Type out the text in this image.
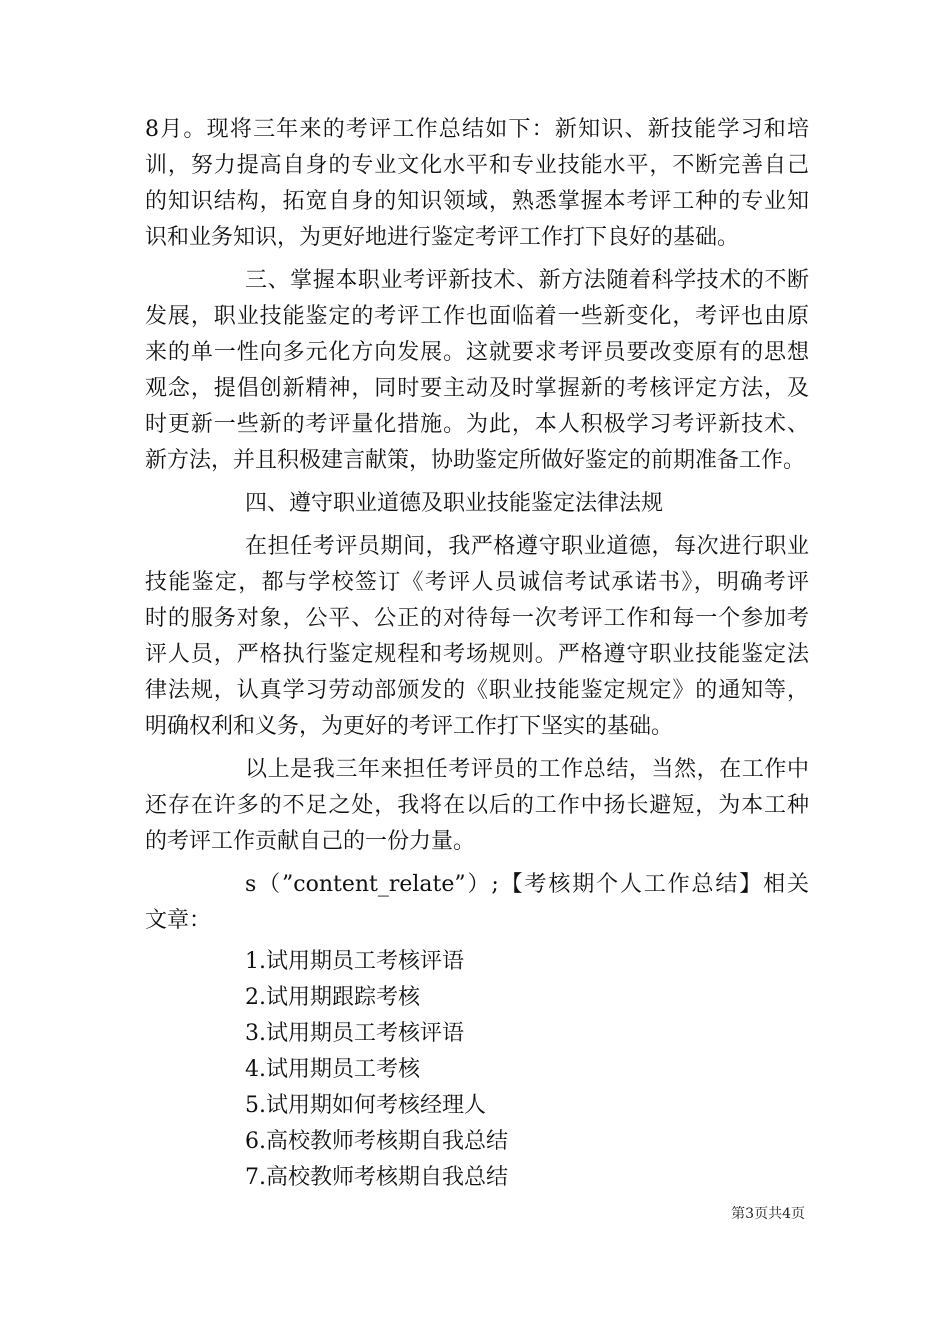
8月。现将三年来的考评工作总结如下：新知识、新技能学习和培
训，努力提高自身的专业文化水平和专业技能水平，不断完善自己
的知识结构，拓宽自身的知识领域，熟悉掌握本考评工种的专业知
识和业务知识，为更好地进行鉴定考评工作打下良好的基础。
三、掌握本职业考评新技术、新方法随着科学技术的不断
发展，职业技能鉴定的考评工作也面临着一些新变化，考评也由原
来的单一性向多元化方向发展。这就要求考评员要改变原有的思想
观念，提倡创新精神，同时要主动及时掌握新的考核评定方法，及
时更新一些新的考评量化措施。为此，本人积极学习考评新技术、
新方法，并且积极建言献策，协助鉴定所做好鉴定的前期准备工作。
四、遵守职业道德及职业技能鉴定法律法规
在担任考评员期间，我严格遵守职业道德，每次进行职业
技能鉴定，都与学校签订《考评人员诚信考试承诺书》，明确考评
时的服务对象，公平、公正的对待每一次考评工作和每一个参加考
评人员，严格执行鉴定规程和考场规则。严格遵守职业技能鉴定法
律法规，认真学习劳动部颁发的《职业技能鉴定规定》的通知等，
明确权利和义务，为更好的考评工作打下坚实的基础。
以上是我三年来担任考评员的工作总结，当然，在工作中
还存在许多的不足之处，我将在以后的工作中扬长避短，为本工种
的考评工作贡献自己的一份力量。
s（”content_relate”）;【考核期个人工作总结】相关
文章：
1.试用期员工考核评语
2.试用期跟踪考核
3.试用期员工考核评语
4.试用期员工考核
5.试用期如何考核经理人
6.高校教师考核期自我总结
7.高校教师考核期自我总结
第3页共4页
